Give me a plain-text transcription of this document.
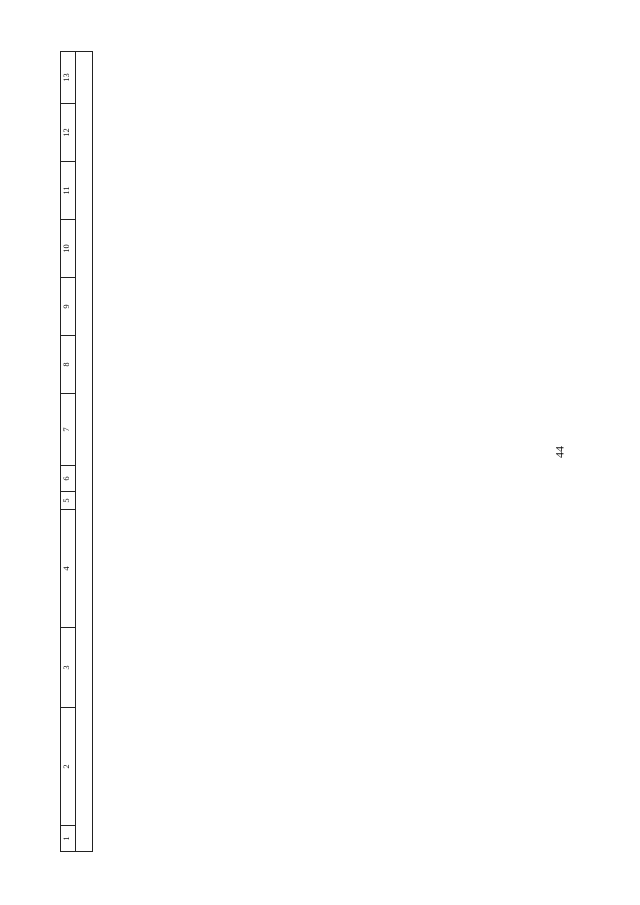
44
1	2	3	4	5	6	7	8	9	10	11	12	13
